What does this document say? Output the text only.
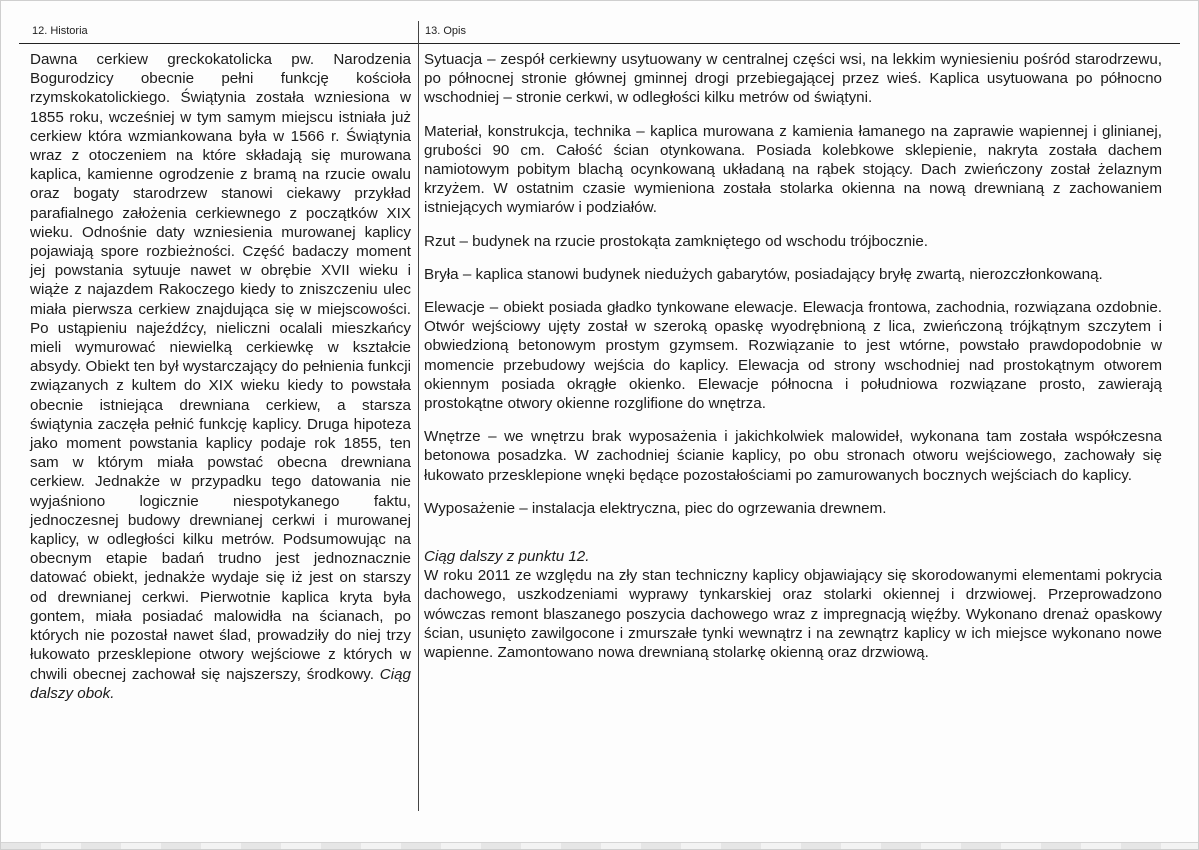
12. Historia	13. Opis

Dawna cerkiew greckokatolicka pw. Narodzenia Bogurodzicy obecnie pełni funkcję kościoła rzymskokatolickiego. Świątynia została wzniesiona w 1855 roku, wcześniej w tym samym miejscu istniała już cerkiew która wzmiankowana była w 1566 r. Świątynia wraz z otoczeniem na które składają się murowana kaplica, kamienne ogrodzenie z bramą na rzucie owalu oraz bogaty starodrzew stanowi ciekawy przykład parafialnego założenia cerkiewnego z początków XIX wieku. Odnośnie daty wzniesienia murowanej kaplicy pojawiają spore rozbieżności. Część badaczy moment jej powstania sytuuje nawet w obrębie XVII wieku i wiąże z najazdem Rakoczego kiedy to zniszczeniu ulec miała pierwsza cerkiew znajdująca się w miejscowości. Po ustąpieniu najeźdźcy, nieliczni ocalali mieszkańcy mieli wymurować niewielką cerkiewkę w kształcie absydy. Obiekt ten był wystarczający do pełnienia funkcji związanych z kultem do XIX wieku kiedy to powstała obecnie istniejąca drewniana cerkiew, a starsza świątynia zaczęła pełnić funkcję kaplicy. Druga hipoteza jako moment powstania kaplicy podaje rok 1855, ten sam w którym miała powstać obecna drewniana cerkiew. Jednakże w przypadku tego datowania nie wyjaśniono logicznie niespotykanego faktu, jednoczesnej budowy drewnianej cerkwi i murowanej kaplicy, w odległości kilku metrów. Podsumowując na obecnym etapie badań trudno jest jednoznacznie datować obiekt, jednakże wydaje się iż jest on starszy od drewnianej cerkwi. Pierwotnie kaplica kryta była gontem, miała posiadać malowidła na ścianach, po których nie pozostał nawet ślad, prowadziły do niej trzy łukowato przesklepione otwory wejściowe z których w chwili obecnej zachował się najszerszy, środkowy. Ciąg dalszy obok.

Sytuacja – zespół cerkiewny usytuowany w centralnej części wsi, na lekkim wyniesieniu pośród starodrzewu, po północnej stronie głównej gminnej drogi przebiegającej przez wieś. Kaplica usytuowana po północno wschodniej – stronie cerkwi, w odległości kilku metrów od świątyni.

Materiał, konstrukcja, technika – kaplica murowana z kamienia łamanego na zaprawie wapiennej i glinianej, grubości 90 cm. Całość ścian otynkowana. Posiada kolebkowe sklepienie, nakryta została dachem namiotowym pobitym blachą ocynkowaną układaną na rąbek stojący. Dach zwieńczony został żelaznym krzyżem. W ostatnim czasie wymieniona została stolarka okienna na nową drewnianą z zachowaniem istniejących wymiarów i podziałów.

Rzut – budynek na rzucie prostokąta zamkniętego od wschodu trójbocznie.

Bryła – kaplica stanowi budynek niedużych gabarytów, posiadający bryłę zwartą, nierozczłonkowaną.

Elewacje – obiekt posiada gładko tynkowane elewacje. Elewacja frontowa, zachodnia, rozwiązana ozdobnie. Otwór wejściowy ujęty został w szeroką opaskę wyodrębnioną z lica, zwieńczoną trójkątnym szczytem i obwiedzioną betonowym prostym gzymsem. Rozwiązanie to jest wtórne, powstało prawdopodobnie w momencie przebudowy wejścia do kaplicy. Elewacja od strony wschodniej nad prostokątnym otworem okiennym posiada okrągłe okienko. Elewacje północna i południowa rozwiązane prosto, zawierają prostokątne otwory okienne rozglifione do wnętrza.

Wnętrze – we wnętrzu brak wyposażenia i jakichkolwiek malowideł, wykonana tam została współczesna betonowa posadzka. W zachodniej ścianie kaplicy, po obu stronach otworu wejściowego, zachowały się łukowato przesklepione wnęki będące pozostałościami po zamurowanych bocznych wejściach do kaplicy.

Wyposażenie – instalacja elektryczna, piec do ogrzewania drewnem.

Ciąg dalszy z punktu 12.

W roku 2011 ze względu na zły stan techniczny kaplicy objawiający się skorodowanymi elementami pokrycia dachowego, uszkodzeniami wyprawy tynkarskiej oraz stolarki okiennej i drzwiowej. Przeprowadzono wówczas remont blaszanego poszycia dachowego wraz z impregnacją więźby. Wykonano drenaż opaskowy ścian, usunięto zawilgocone i zmurszałe tynki wewnątrz i na zewnątrz kaplicy w ich miejsce wykonano nowe wapienne. Zamontowano nowa drewnianą stolarkę okienną oraz drzwiową.
